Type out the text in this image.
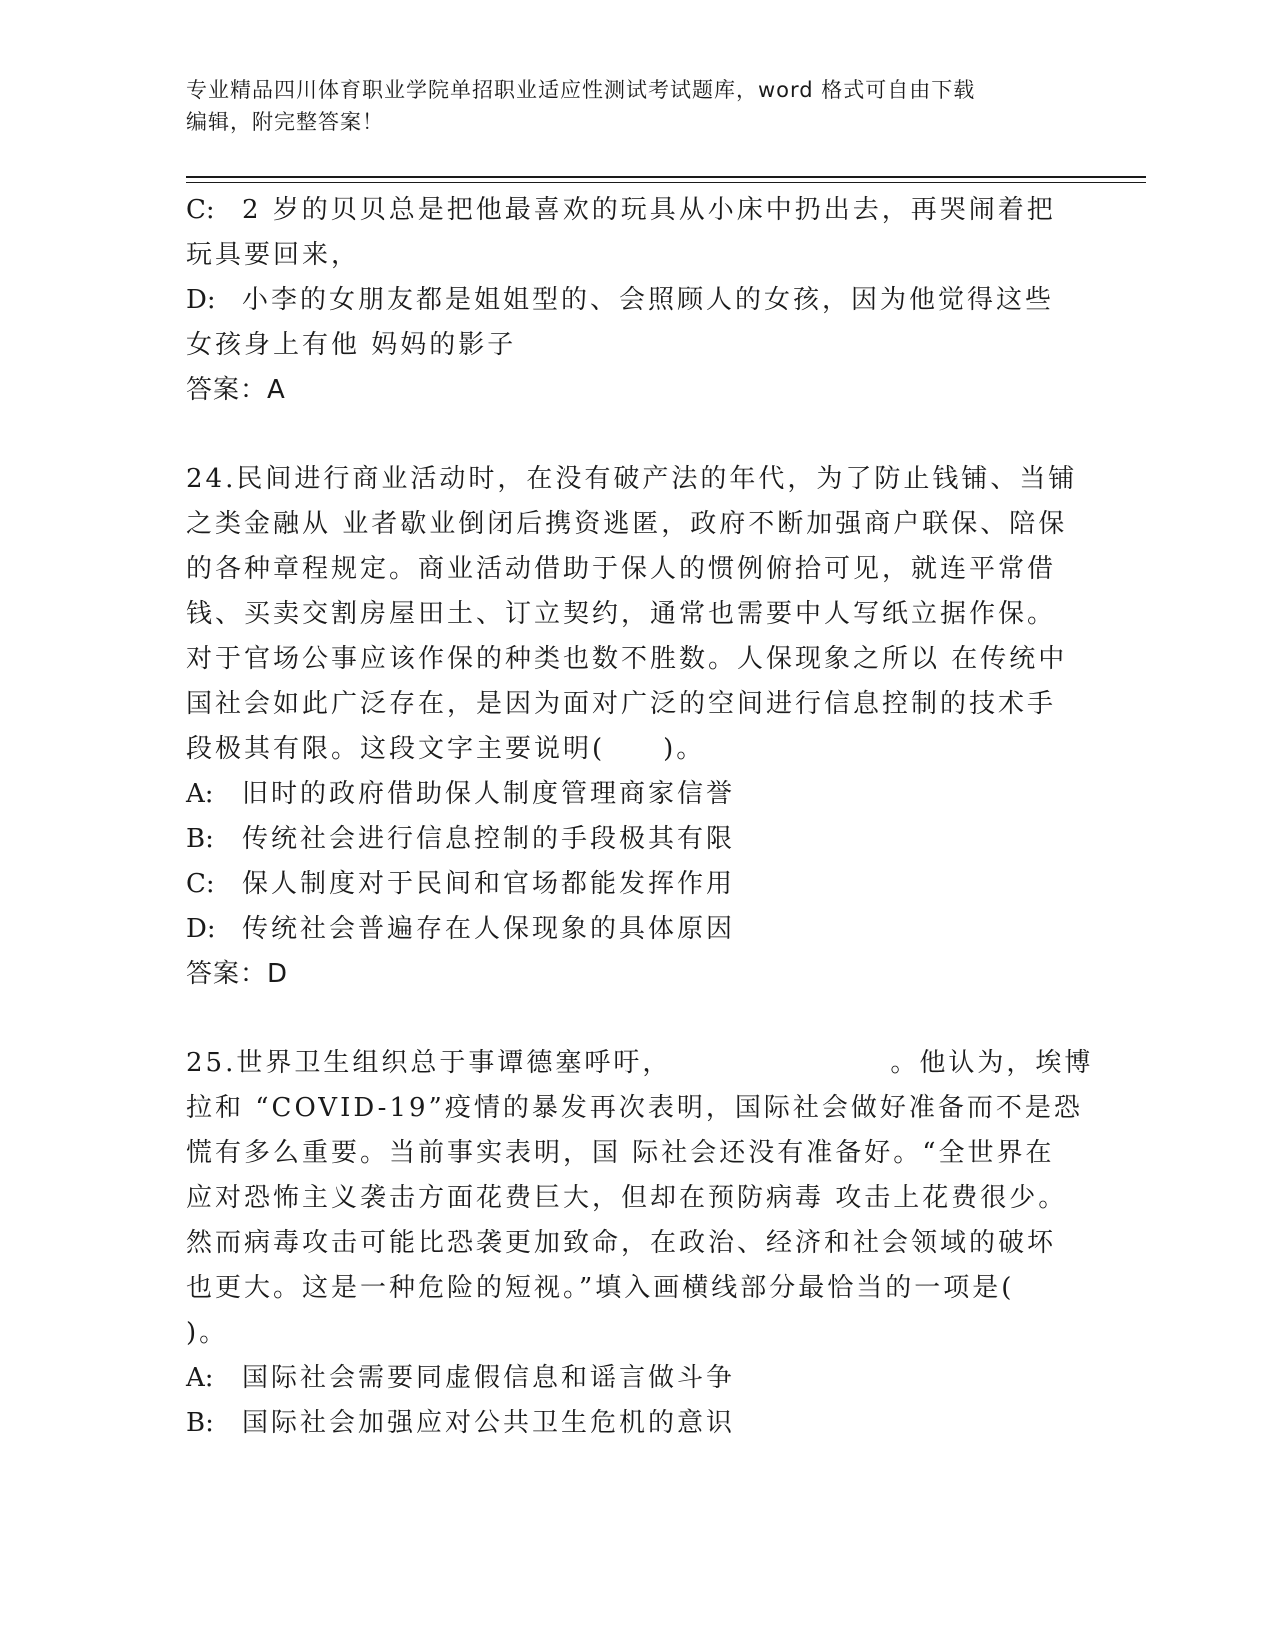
专业精品四川体育职业学院单招职业适应性测试考试题库，word 格式可自由下载
编辑，附完整答案！
C: 2 岁的贝贝总是把他最喜欢的玩具从小床中扔出去，再哭闹着把
玩具要回来，
D: 小李的女朋友都是姐姐型的、会照顾人的女孩，因为他觉得这些
女孩身上有他 妈妈的影子
答案：A
24.民间进行商业活动时，在没有破产法的年代，为了防止钱铺、当铺
之类金融从 业者歇业倒闭后携资逃匿，政府不断加强商户联保、陪保
的各种章程规定。商业活动借助于保人的惯例俯拾可见，就连平常借
钱、买卖交割房屋田土、订立契约，通常也需要中人写纸立据作保。
对于官场公事应该作保的种类也数不胜数。人保现象之所以 在传统中
国社会如此广泛存在，是因为面对广泛的空间进行信息控制的技术手
段极其有限。这段文字主要说明(　　)。
A: 旧时的政府借助保人制度管理商家信誉
B: 传统社会进行信息控制的手段极其有限
C: 保人制度对于民间和官场都能发挥作用
D: 传统社会普遍存在人保现象的具体原因
答案：D
25.世界卫生组织总于事谭德塞呼吁，　　　　　　　　。他认为，埃博
拉和 “COVID-19”疫情的暴发再次表明，国际社会做好准备而不是恐
慌有多么重要。当前事实表明，国 际社会还没有准备好。“全世界在
应对恐怖主义袭击方面花费巨大，但却在预防病毒 攻击上花费很少。
然而病毒攻击可能比恐袭更加致命，在政治、经济和社会领域的破坏
也更大。这是一种危险的短视。”填入画横线部分最恰当的一项是(
)。
A: 国际社会需要同虚假信息和谣言做斗争
B: 国际社会加强应对公共卫生危机的意识
